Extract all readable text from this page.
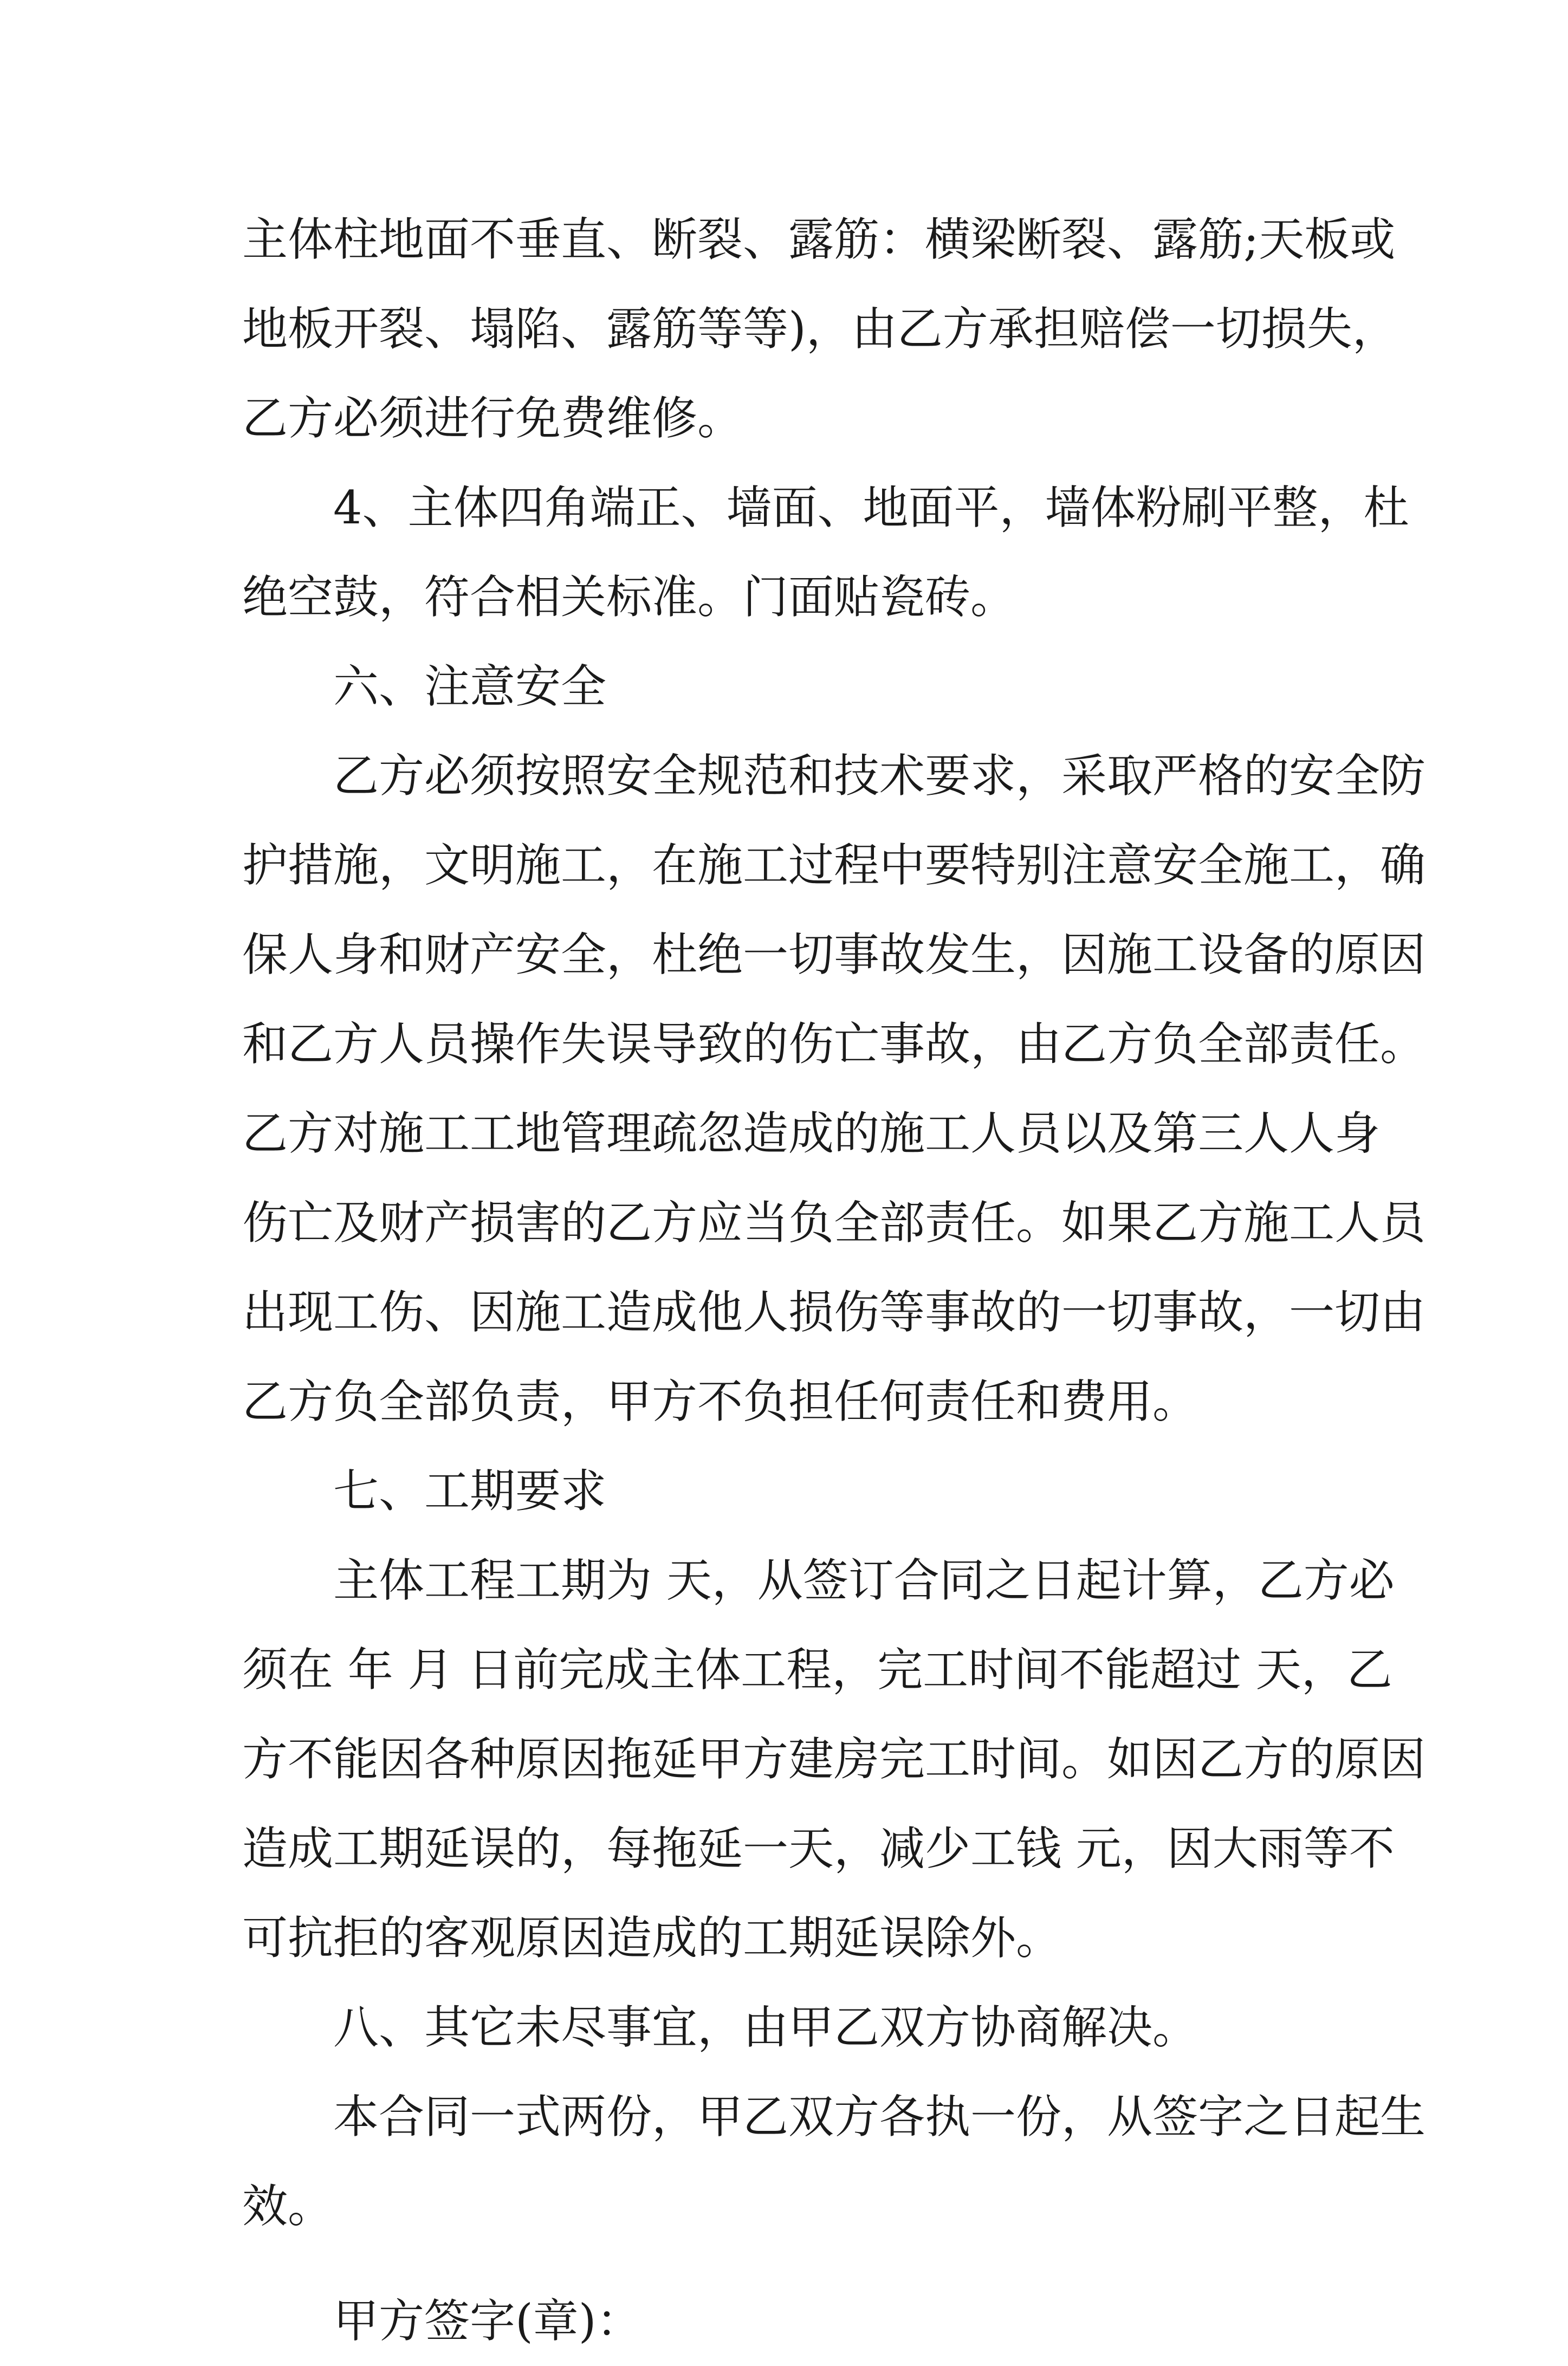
主体柱地面不垂直、断裂、露筋：横梁断裂、露筋;天板或
地板开裂、塌陷、露筋等等)，由乙方承担赔偿一切损失，
乙方必须进行免费维修。
4、主体四角端正、墙面、地面平，墙体粉刷平整，杜
绝空鼓，符合相关标准。门面贴瓷砖。
六、注意安全
乙方必须按照安全规范和技术要求，采取严格的安全防
护措施，文明施工，在施工过程中要特别注意安全施工，确
保人身和财产安全，杜绝一切事故发生，因施工设备的原因
和乙方人员操作失误导致的伤亡事故，由乙方负全部责任。
乙方对施工工地管理疏忽造成的施工人员以及第三人人身
伤亡及财产损害的乙方应当负全部责任。如果乙方施工人员
出现工伤、因施工造成他人损伤等事故的一切事故，一切由
乙方负全部负责，甲方不负担任何责任和费用。
七、工期要求
主体工程工期为 天，从签订合同之日起计算，乙方必
须在 年 月 日前完成主体工程，完工时间不能超过 天，乙
方不能因各种原因拖延甲方建房完工时间。如因乙方的原因
造成工期延误的，每拖延一天，减少工钱 元，因大雨等不
可抗拒的客观原因造成的工期延误除外。
八、其它未尽事宜，由甲乙双方协商解决。
本合同一式两份，甲乙双方各执一份，从签字之日起生
效。
甲方签字(章)：
